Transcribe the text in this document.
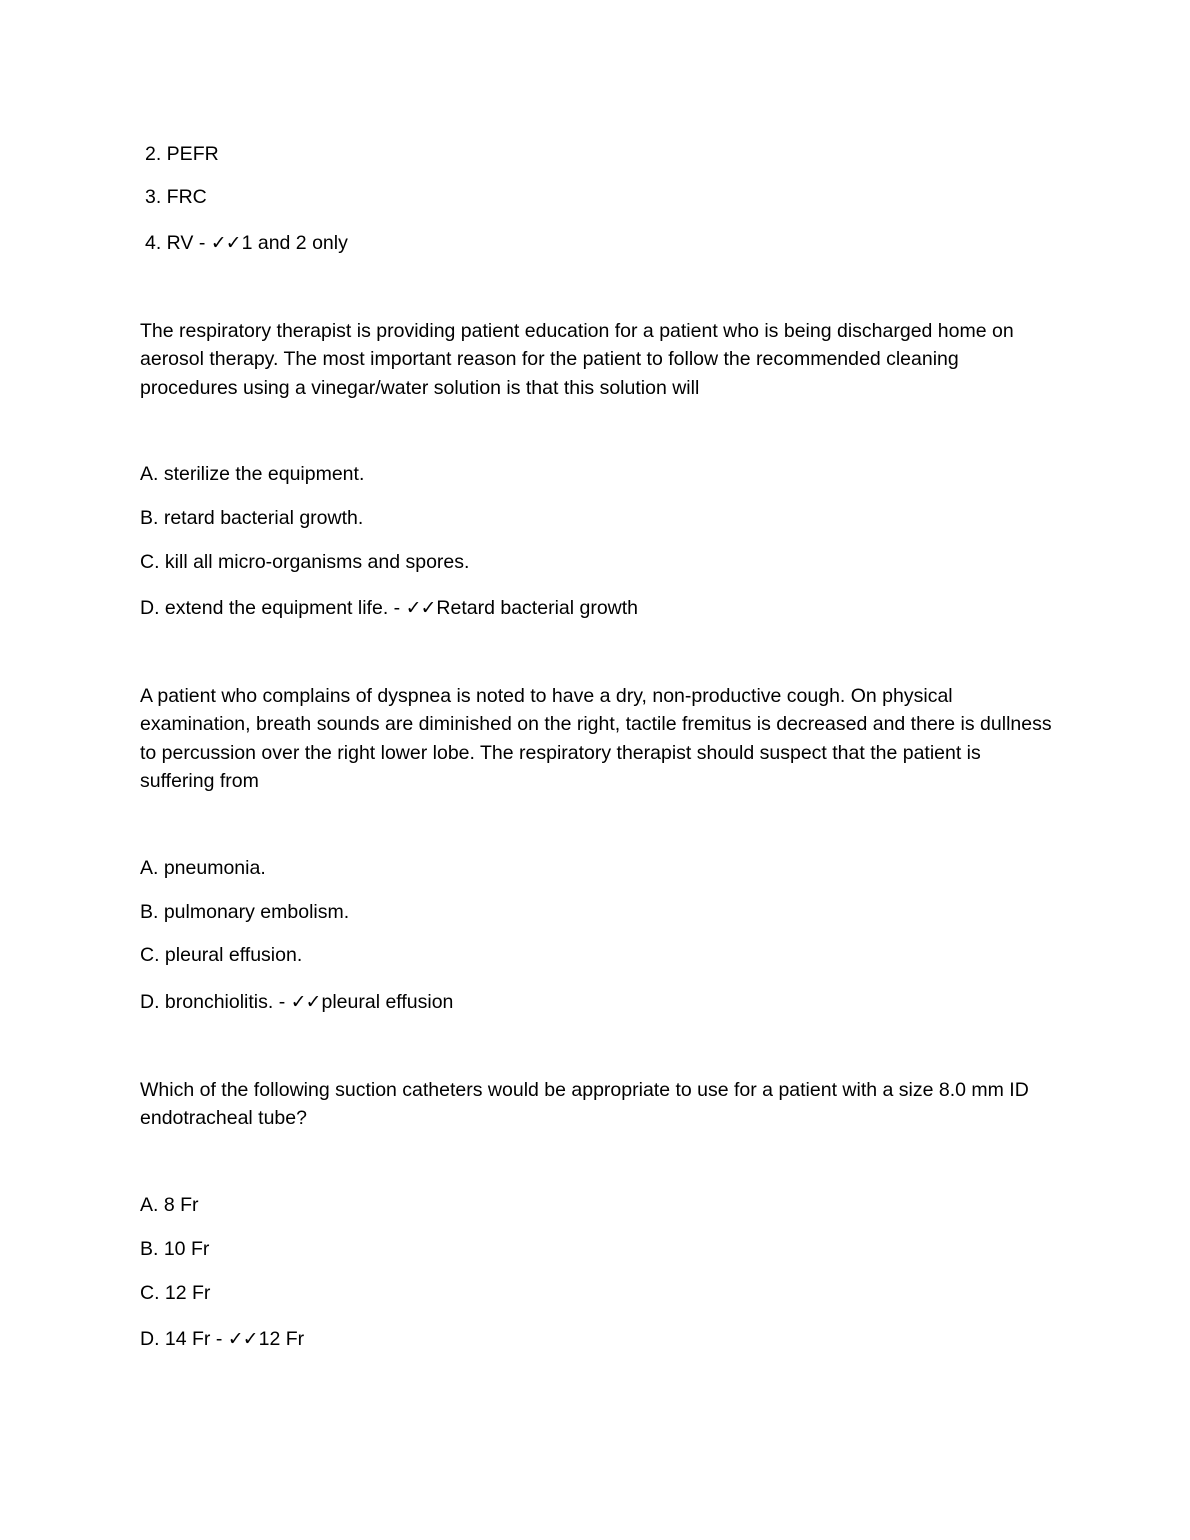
2. PEFR

3. FRC

4. RV - ✓✓1 and 2 only

The respiratory therapist is providing patient education for a patient who is being discharged home on aerosol therapy. The most important reason for the patient to follow the recommended cleaning procedures using a vinegar/water solution is that this solution will

A. sterilize the equipment.

B. retard bacterial growth.

C. kill all micro-organisms and spores.

D. extend the equipment life. - ✓✓Retard bacterial growth

A patient who complains of dyspnea is noted to have a dry, non-productive cough. On physical examination, breath sounds are diminished on the right, tactile fremitus is decreased and there is dullness to percussion over the right lower lobe. The respiratory therapist should suspect that the patient is suffering from

A. pneumonia.

B. pulmonary embolism.

C. pleural effusion.

D. bronchiolitis. - ✓✓pleural effusion

Which of the following suction catheters would be appropriate to use for a patient with a size 8.0 mm ID endotracheal tube?

A. 8 Fr

B. 10 Fr

C. 12 Fr

D. 14 Fr - ✓✓12 Fr
